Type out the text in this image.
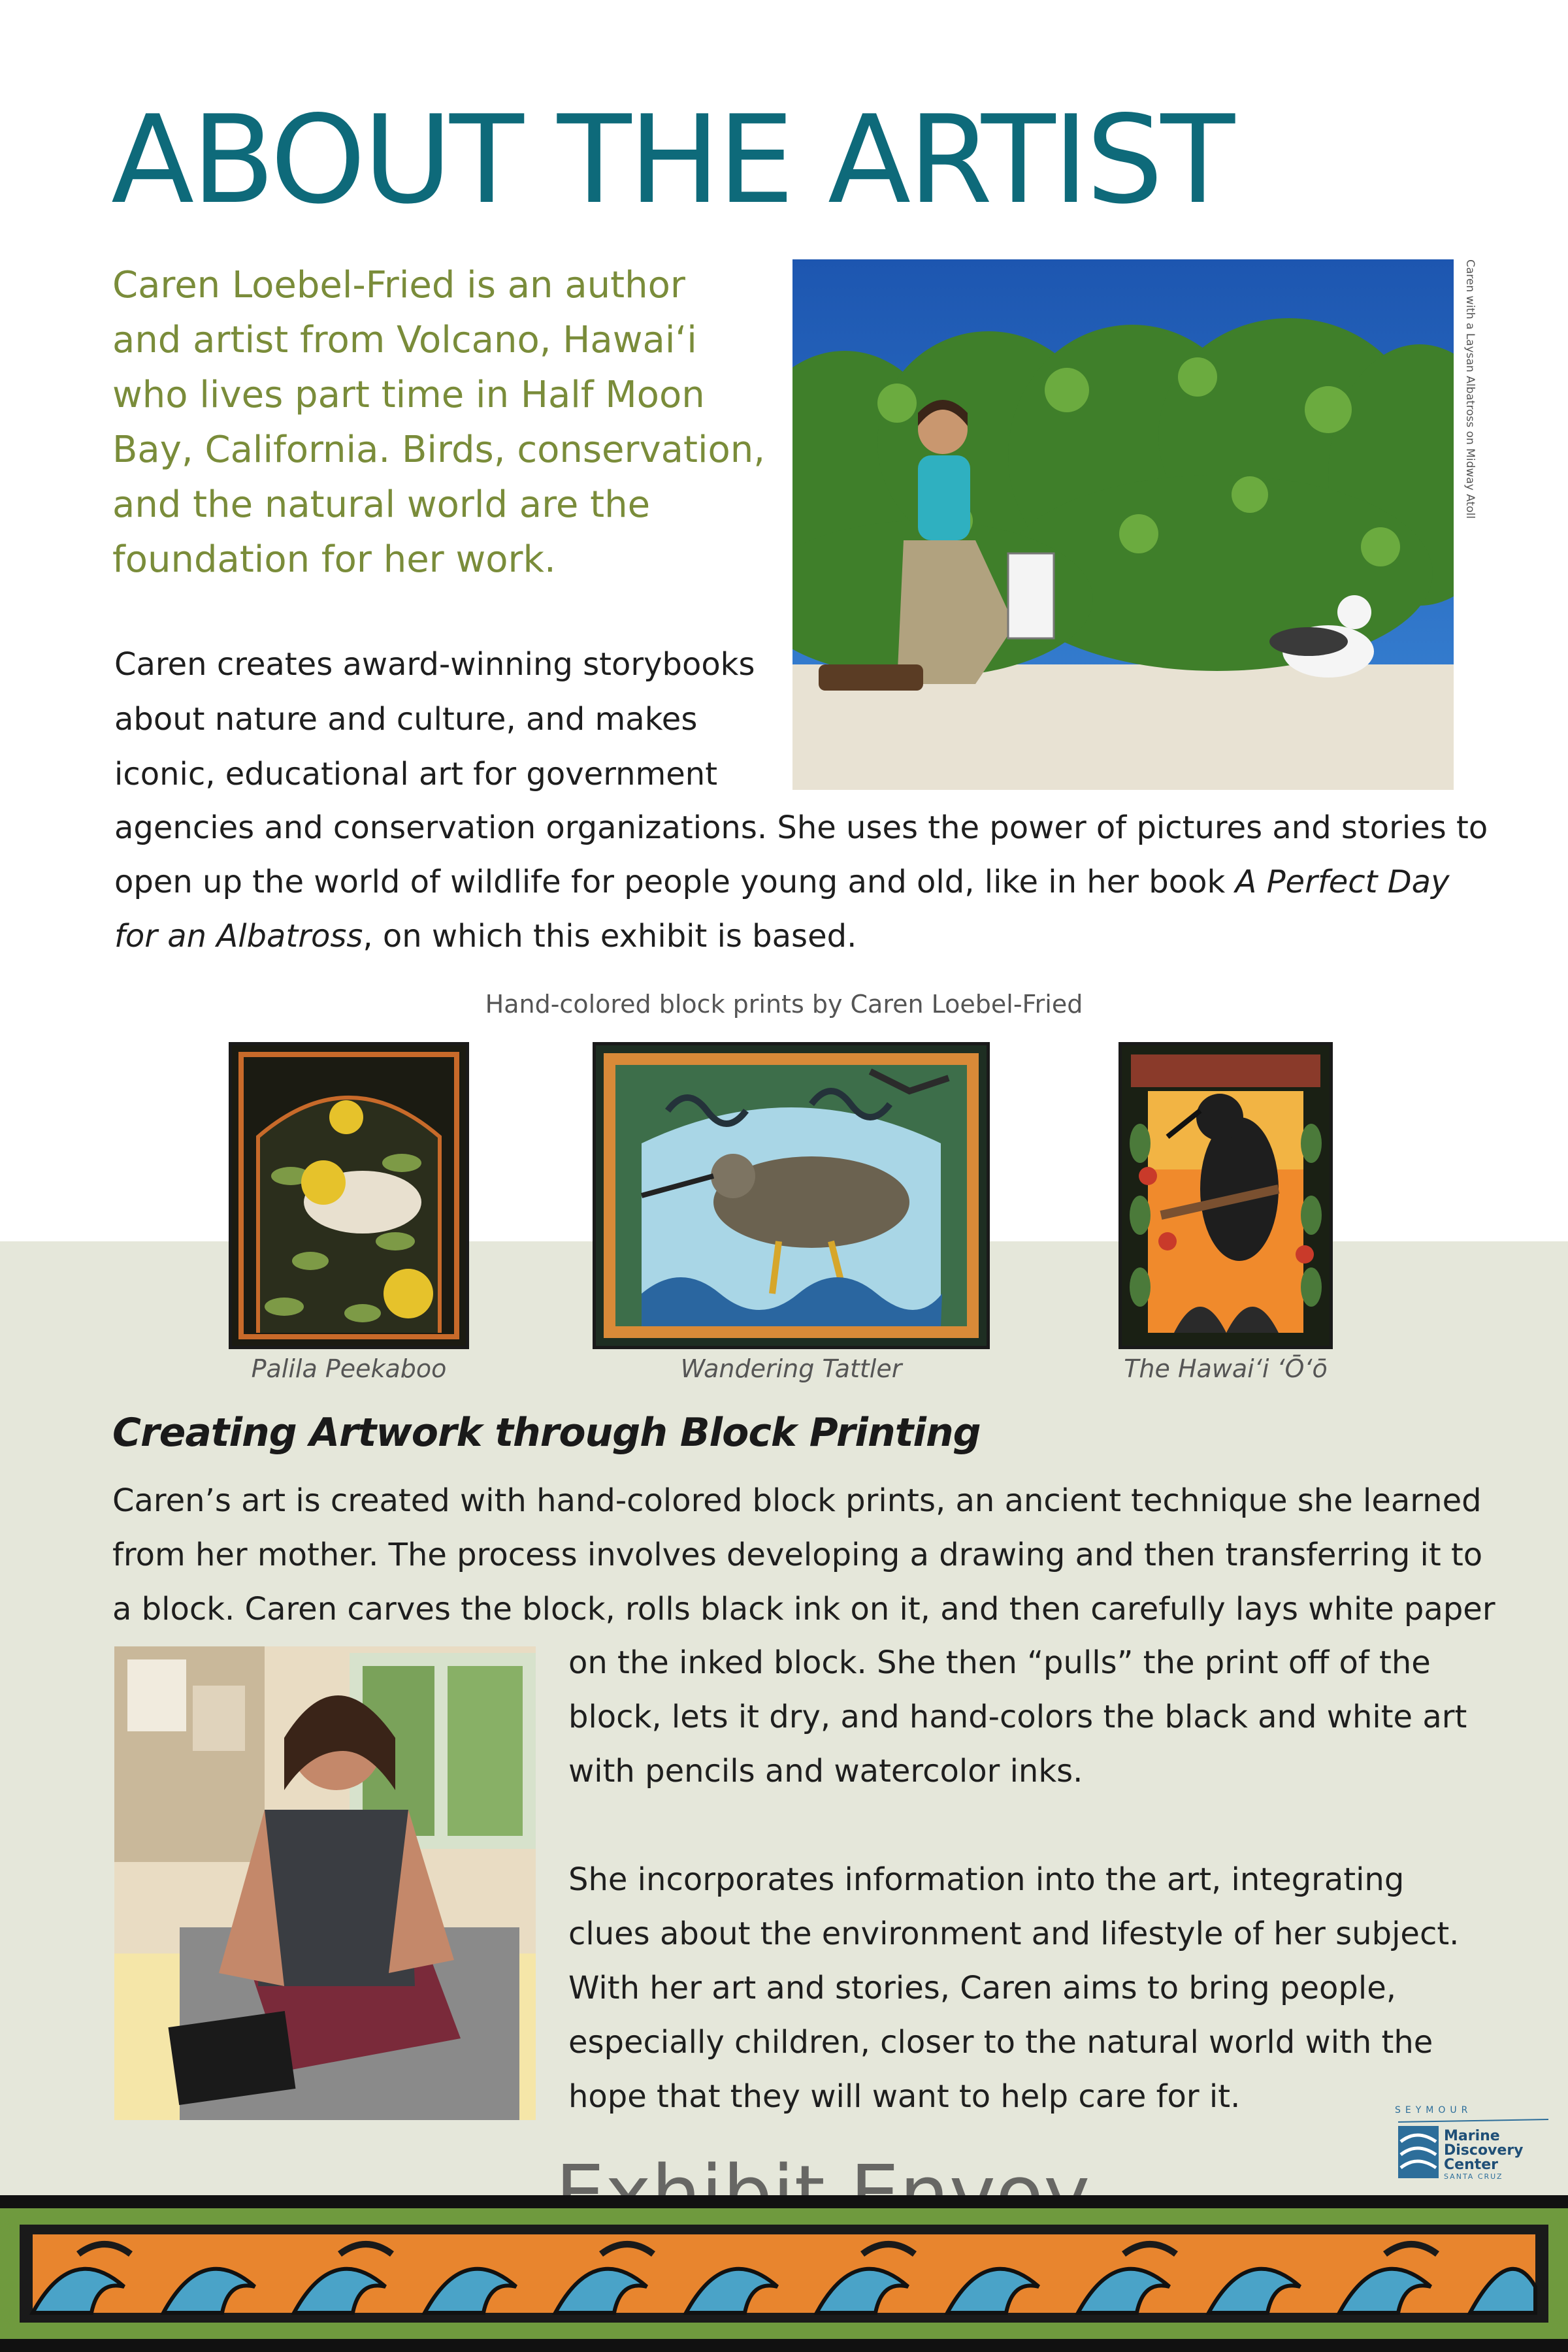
ABOUT THE ARTIST
Caren Loebel-Fried is an author
and artist from Volcano, Hawaiʻi
who lives part time in Half Moon
Bay, California. Birds, conservation,
and the natural world are the
foundation for her work.

Caren creates award-winning storybooks

about nature and culture, and makes

iconic, educational art for government

agencies and conservation organizations. She uses the power of pictures and stories to

open up the world of wildlife for people young and old, like in her book A Perfect Day

for an Albatross, on which this exhibit is based.

Caren with a Laysan Albatross on Midway Atoll

Hand-colored block prints by Caren Loebel-Fried

Palila Peekaboo	Wandering Tattler	The Hawaiʻi ʻŌʻō
Creating Artwork through Block Printing

Caren’s art is created with hand-colored block prints, an ancient technique she learned

from her mother. The process involves developing a drawing and then transferring it to

a block. Caren carves the block, rolls black ink on it, and then carefully lays white paper

on the inked block. She then “pulls” the print off of the

block, lets it dry, and hand-colors the black and white art

with pencils and watercolor inks.

She incorporates information into the art, integrating

clues about the environment and lifestyle of her subject.

With her art and stories, Caren aims to bring people,

especially children, closer to the natural world with the

hope that they will want to help care for it.	SEYMOUR
Marine
Discovery
Center
SANTA CRUZ
